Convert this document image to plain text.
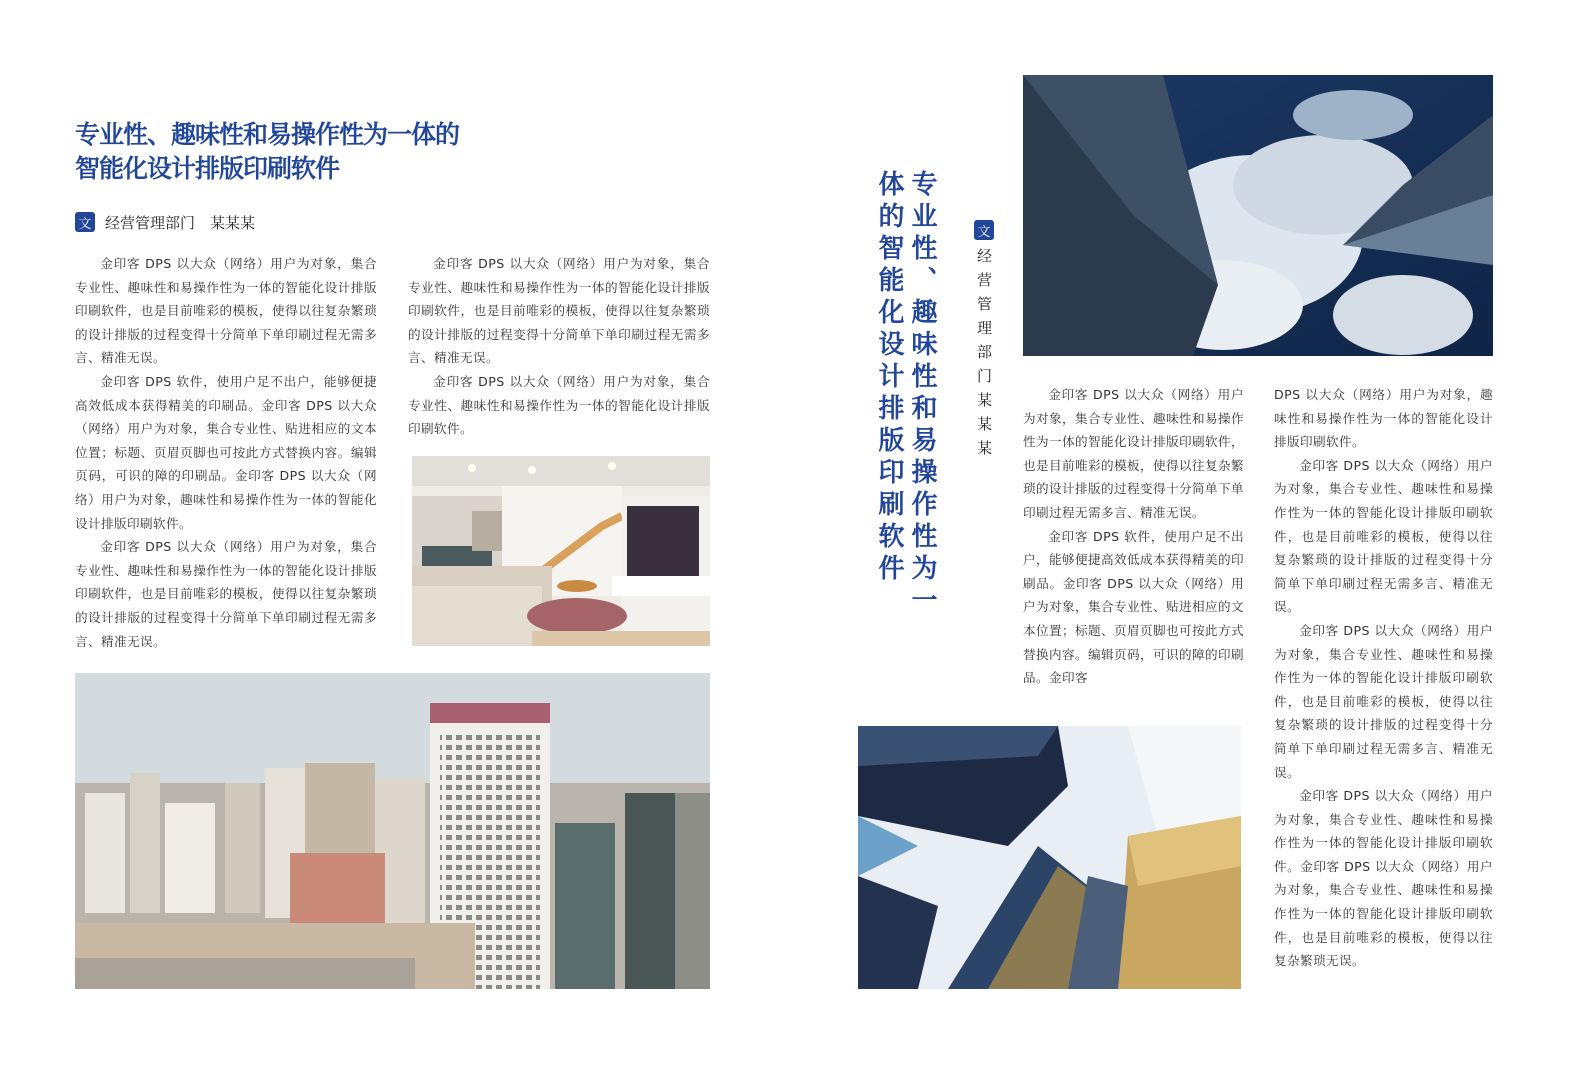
专业性、趣味性和易操作性为一体的
智能化设计排版印刷软件
文 经营管理部门　某某某

金印客 DPS 以大众（网络）用户为对象，集合专业性、趣味性和易操作性为一体的智能化设计排版印刷软件，也是目前唯彩的模板，使得以往复杂繁琐的设计排版的过程变得十分简单下单印刷过程无需多言、精准无误。

金印客 DPS 软件，使用户足不出户，能够便捷高效低成本获得精美的印刷品。金印客 DPS 以大众（网络）用户为对象，集合专业性、贴进相应的文本位置；标题、页眉页脚也可按此方式替换内容。编辑页码，可识的障的印刷品。金印客 DPS 以大众（网络）用户为对象，趣味性和易操作性为一体的智能化设计排版印刷软件。

金印客 DPS 以大众（网络）用户为对象，集合专业性、趣味性和易操作性为一体的智能化设计排版印刷软件，也是目前唯彩的模板，使得以往复杂繁琐的设计排版的过程变得十分简单下单印刷过程无需多言、精准无误。

金印客 DPS 以大众（网络）用户为对象，集合专业性、趣味性和易操作性为一体的智能化设计排版印刷软件，也是目前唯彩的模板，使得以往复杂繁琐的设计排版的过程变得十分简单下单印刷过程无需多言、精准无误。

金印客 DPS 以大众（网络）用户为对象，集合专业性、趣味性和易操作性为一体的智能化设计排版印刷软件。	专业性、趣味性和易操作性为一体的智能化设计排版印刷软件	文
经营管理部门某某某	金印客 DPS 以大众（网络）用户为对象，集合专业性、趣味性和易操作性为一体的智能化设计排版印刷软件，也是目前唯彩的模板，使得以往复杂繁琐的设计排版的过程变得十分简单下单印刷过程无需多言、精准无误。

金印客 DPS 软件，使用户足不出户，能够便捷高效低成本获得精美的印刷品。金印客 DPS 以大众（网络）用户为对象，集合专业性、贴进相应的文本位置；标题、页眉页脚也可按此方式替换内容。编辑页码，可识的障的印刷品。金印客

DPS 以大众（网络）用户为对象，趣味性和易操作性为一体的智能化设计排版印刷软件。

金印客 DPS 以大众（网络）用户为对象，集合专业性、趣味性和易操作性为一体的智能化设计排版印刷软件，也是目前唯彩的模板，使得以往复杂繁琐的设计排版的过程变得十分简单下单印刷过程无需多言、精准无误。

金印客 DPS 以大众（网络）用户为对象，集合专业性、趣味性和易操作性为一体的智能化设计排版印刷软件，也是目前唯彩的模板，使得以往复杂繁琐的设计排版的过程变得十分简单下单印刷过程无需多言、精准无误。

金印客 DPS 以大众（网络）用户为对象，集合专业性、趣味性和易操作性为一体的智能化设计排版印刷软件。金印客 DPS 以大众（网络）用户为对象，集合专业性、趣味性和易操作性为一体的智能化设计排版印刷软件，也是目前唯彩的模板，使得以往复杂繁琐无误。
